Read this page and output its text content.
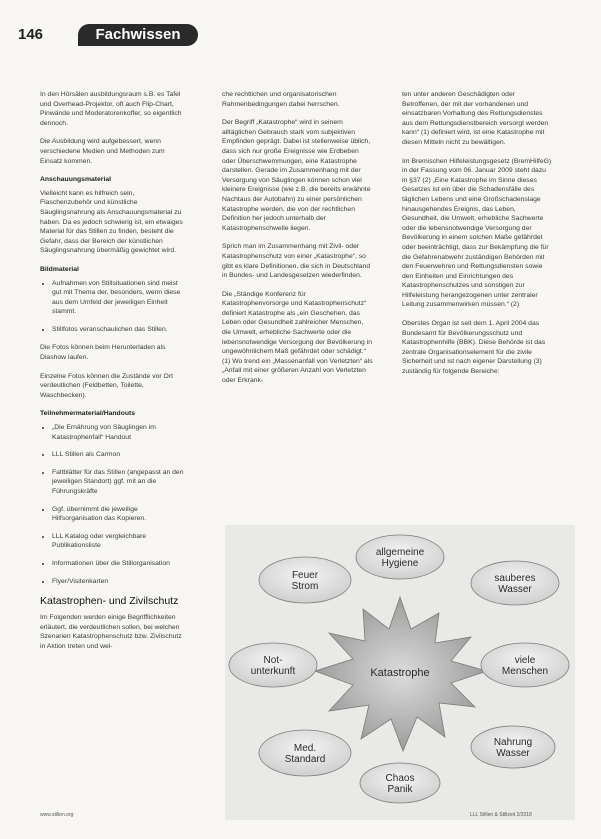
146	Fachwissen

In den Hörsälen ausbildungsraum s.B. es Tafel und Overhead-Projektor, oft auch Flip-Chart, Pinwände und Moderatorenkoffer, so eigentlich dennoch.

Die Ausbildung wird aufgebessert, wenn verschiedene Medien und Methoden zum Einsatz kommen.

Anschauungsmaterial

Vielleicht kann es hilfreich sein, Flaschenzubehör und künstliche Säuglingsnahrung als Anschauungsmaterial zu haben. Da es jedoch schwierig ist, ein etwaiges Material für das Stillen zu finden, besteht die Gefahr, dass der Bereich der künstlichen Säuglingsnahrung übermäßig gewichtet wird.

Bildmaterial
• Aufnahmen von Stillsituationen sind meist gut mit Thema der, besonders, wenn diese aus dem Umfeld der jeweiligen Einheit stammt.
• Stillfotos veranschaulichen das Stillen.

Die Fotos können beim Herunterladen als Diashow laufen.

Einzelne Fotos können die Zustände vor Ort verdeutlichen (Feldbetten, Toilette, Waschbecken).

Teilnehmermaterial/Handouts
• „Die Ernährung von Säuglingen im Katastrophenfall“ Handout
• LLL Stillen als Carmon
• Faltblätter für das Stillen (angepasst an den jeweiligen Standort) ggf. mit an die Führungskräfte
• Ggf. übernimmt die jeweilige Hilfsorganisation das Kopieren.
• LLL Katalog oder vergleichbare Publikationsliste
• Informationen über die Stillorganisation
• Flyer/Visitenkarten
Katastrophen- und Zivilschutz

Im Folgenden werden einige Begrifflichkeiten erläutert, die verdeutlichen sollen, bei welchen Szenarien Katastrophenschutz bzw. Zivilschutz in Aktion treten und wel-

che rechtlichen und organisatorischen Rahmenbedingungen dabei herrschen.

Der Begriff „Katastrophe“ wird in seinem alltäglichen Gebrauch stark vom subjektiven Empfinden geprägt. Dabei ist stellenweise üblich, dass sich nur große Ereignisse wie Erdbeben oder Überschwemmungen, eine Katastrophe darstellen. Gerade im Zusammenhang mit der Versorgung von Säuglingen können schon viel kleinere Ereignisse (wie z.B. die bereits erwähnte Nachtaus der Autobahn) zu einer persönlichen Katastrophe werden, die von der rechtlichen Definition her jedoch unterhalb der Katastrophenschwelle liegen.

Sprich man im Zusammenhang mit Zivil- oder Katastrophenschutz von einer „Katastrophe“, so gibt es klare Definitionen, die sich in Deutschland in Bundes- und Landesgesetzen wiederfinden.

Die „Ständige Konferenz für Katastrophenvorsorge und Katastrophenschutz“ definiert Katastrophe als „ein Geschehen, das Leben oder Gesundheit zahlreicher Menschen, die Umwelt, erhebliche Sachwerte oder die lebensnotwendige Versorgung der Bevölkerung in ungewöhnlichem Maß gefährdet oder schädigt.“ (1) Wo trend ein „Massenanfall von Verletzten“ als „Anfall mit einer größeren Anzahl von Verletzten oder Erkrank-

ten unter anderen Geschädigten oder Betroffenen, der mit der vorhandenen und einsatzbaren Vorhaltung des Rettungsdienstes aus dem Rettungsdienstbereich versorgt werden kann“ (1) definiert wird, ist eine Katastrophe mit diesen Mitteln nicht zu bewältigen.

Im Bremischen Hilfeleistungsgesetz (BremHilfeG) in der Fassung vom 06. Januar 2009 steht dazu in §37 (2) „Eine Katastrophe im Sinne dieses Gesetzes ist ein über die Schadensfälle des täglichen Lebens und eine Großschadenslage hinausgehendes Ereignis, das Leben, Gesundheit, die Umwelt, erhebliche Sachwerte oder die lebensnotwendige Versorgung der Bevölkerung in einem solchen Maße gefährdet oder beeinträchtigt, dass zur Bekämpfung die für die Gefahrenabwehr zuständigen Behörden mit den Feuerwehren und Rettungsdiensten sowie den Einheiten und Einrichtungen des Katastrophenschutzes und sonstigen zur Hilfeleistung herangezogenen unter zentraler Leitung zusammenwirken müssen.“ (2)

Oberstes Organ ist seit dem 1. April 2004 das Bundesamt für Bevölkerungsschutz und Katastrophenhilfe (BBK). Diese Behörde ist das zentrale Organisationselement für die zivile Sicherheit und ist nach eigener Darstellung (3) zuständig für folgende Bereiche:

Katastrophe
allgemeine
Hygiene
sauberes
Wasser
viele
Menschen
Nahrung
Wasser
Chaos
Panik
Med.
Standard
Not-
unterkunft
Feuer
Strom
www.stillen.org	LLL Stillen & Stillzeit 2/2018
